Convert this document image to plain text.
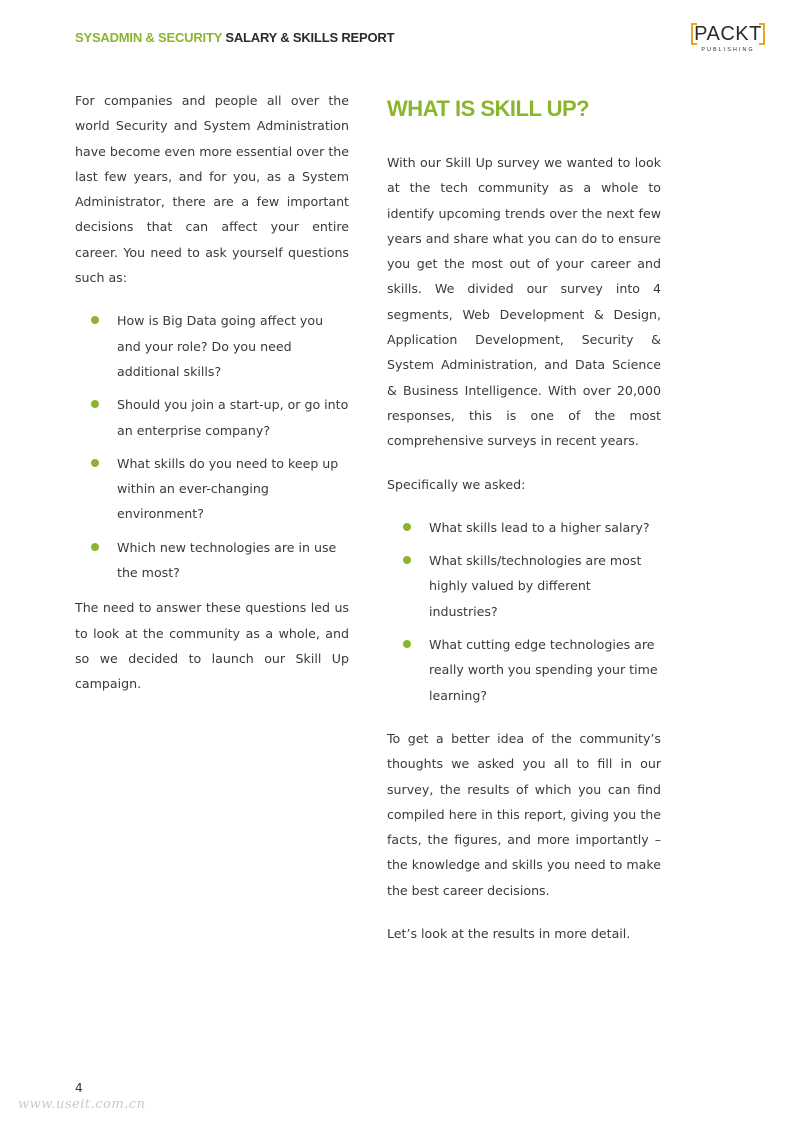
SYSADMIN & SECURITY SALARY & SKILLS REPORT	PACKT
PUBLISHING

For companies and people all over the world Security and System Administration have become even more essential over the last few years, and for you, as a System Administrator, there are a few important decisions that can affect your entire career. You need to ask yourself questions such as:

How is Big Data going affect you and your role? Do you need additional skills?
Should you join a start-up, or go into an enterprise company?
What skills do you need to keep up within an ever-changing environment?
Which new technologies are in use the most?

The need to answer these questions led us to look at the community as a whole, and so we decided to launch our Skill Up campaign.

WHAT IS SKILL UP?

With our Skill Up survey we wanted to look at the tech community as a whole to identify upcoming trends over the next few years and share what you can do to ensure you get the most out of your career and skills. We divided our survey into 4 segments, Web Development & Design, Application Development, Security & System Administration, and Data Science & Business Intelligence. With over 20,000 responses, this is one of the most comprehensive surveys in recent years.

Specifically we asked:

What skills lead to a higher salary?
What skills/technologies are most highly valued by different industries?
What cutting edge technologies are really worth you spending your time learning?

To get a better idea of the community’s thoughts we asked you all to fill in our survey, the results of which you can find compiled here in this report, giving you the facts, the figures, and more importantly – the knowledge and skills you need to make the best career decisions.

Let’s look at the results in more detail.

4
www.useit.com.cn
